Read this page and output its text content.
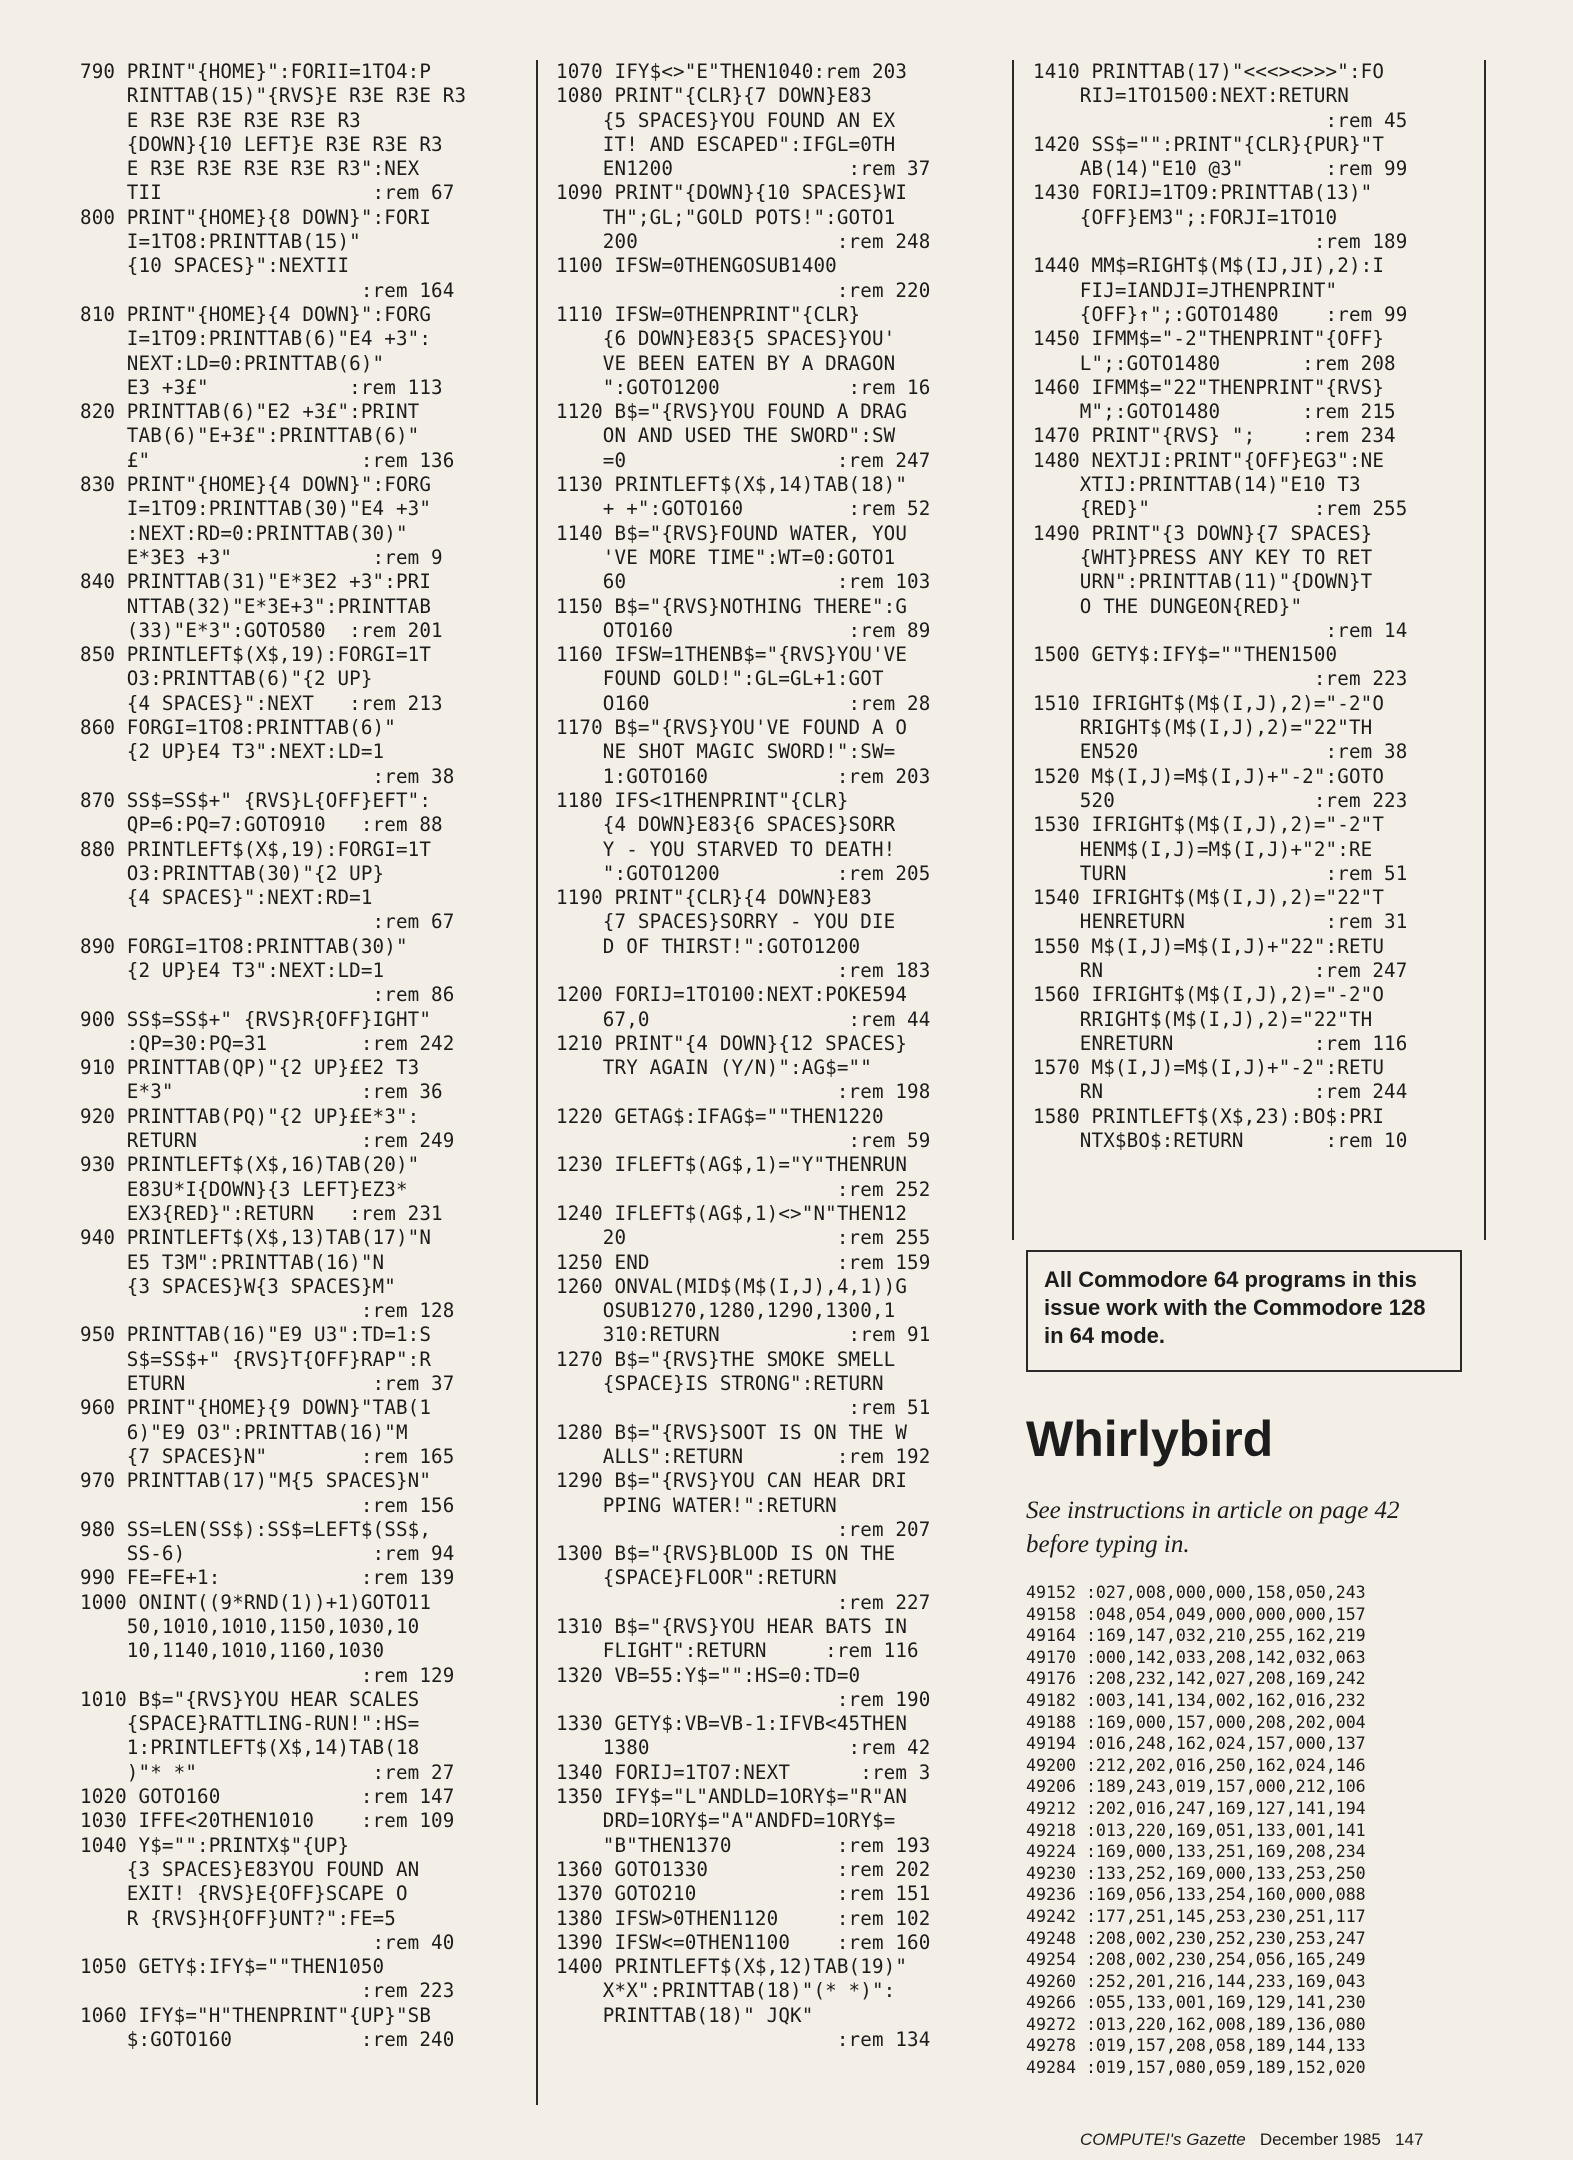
790 PRINT"{HOME}":FORII=1TO4:P
RINTTAB(15)"{RVS}E R3E R3E R3
E R3E R3E R3E R3E R3
{DOWN}{10 LEFT}E R3E R3E R3
E R3E R3E R3E R3E R3":NEX
TII                  :rem 67
800 PRINT"{HOME}{8 DOWN}":FORI
I=1TO8:PRINTTAB(15)"
{10 SPACES}":NEXTII
:rem 164
810 PRINT"{HOME}{4 DOWN}":FORG
I=1TO9:PRINTTAB(6)"E4 +3":
NEXT:LD=0:PRINTTAB(6)"
E3 +3£"            :rem 113
820 PRINTTAB(6)"E2 +3£":PRINT
TAB(6)"E+3£":PRINTTAB(6)"
£"                  :rem 136
830 PRINT"{HOME}{4 DOWN}":FORG
I=1TO9:PRINTTAB(30)"E4 +3"
:NEXT:RD=0:PRINTTAB(30)"
E*3E3 +3"            :rem 9
840 PRINTTAB(31)"E*3E2 +3":PRI
NTTAB(32)"E*3E+3":PRINTTAB
(33)"E*3":GOTO580  :rem 201
850 PRINTLEFT$(X$,19):FORGI=1T
O3:PRINTTAB(6)"{2 UP}
{4 SPACES}":NEXT   :rem 213
860 FORGI=1TO8:PRINTTAB(6)"
{2 UP}E4 T3":NEXT:LD=1
:rem 38
870 SS$=SS$+" {RVS}L{OFF}EFT":
QP=6:PQ=7:GOTO910   :rem 88
880 PRINTLEFT$(X$,19):FORGI=1T
O3:PRINTTAB(30)"{2 UP}
{4 SPACES}":NEXT:RD=1
:rem 67
890 FORGI=1TO8:PRINTTAB(30)"
{2 UP}E4 T3":NEXT:LD=1
:rem 86
900 SS$=SS$+" {RVS}R{OFF}IGHT"
:QP=30:PQ=31        :rem 242
910 PRINTTAB(QP)"{2 UP}£E2 T3
E*3"                :rem 36
920 PRINTTAB(PQ)"{2 UP}£E*3":
RETURN              :rem 249
930 PRINTLEFT$(X$,16)TAB(20)"
E83U*I{DOWN}{3 LEFT}EZ3*
EX3{RED}":RETURN   :rem 231
940 PRINTLEFT$(X$,13)TAB(17)"N
E5 T3M":PRINTTAB(16)"N
{3 SPACES}W{3 SPACES}M"
:rem 128
950 PRINTTAB(16)"E9 U3":TD=1:S
S$=SS$+" {RVS}T{OFF}RAP":R
ETURN                :rem 37
960 PRINT"{HOME}{9 DOWN}"TAB(1
6)"E9 O3":PRINTTAB(16)"M
{7 SPACES}N"        :rem 165
970 PRINTTAB(17)"M{5 SPACES}N"
:rem 156
980 SS=LEN(SS$):SS$=LEFT$(SS$,
SS-6)                :rem 94
990 FE=FE+1:            :rem 139
1000 ONINT((9*RND(1))+1)GOTO11
50,1010,1010,1150,1030,10
10,1140,1010,1160,1030
:rem 129
1010 B$="{RVS}YOU HEAR SCALES
{SPACE}RATTLING-RUN!":HS=
1:PRINTLEFT$(X$,14)TAB(18
)"* *"               :rem 27
1020 GOTO160            :rem 147
1030 IFFE<20THEN1010    :rem 109
1040 Y$="":PRINTX$"{UP}
{3 SPACES}E83YOU FOUND AN
EXIT! {RVS}E{OFF}SCAPE O
R {RVS}H{OFF}UNT?":FE=5
:rem 40
1050 GETY$:IFY$=""THEN1050
:rem 223
1060 IFY$="H"THENPRINT"{UP}"SB
$:GOTO160           :rem 240
1070 IFY$<>"E"THEN1040:rem 203
1080 PRINT"{CLR}{7 DOWN}E83
{5 SPACES}YOU FOUND AN EX
IT! AND ESCAPED":IFGL=0TH
EN1200               :rem 37
1090 PRINT"{DOWN}{10 SPACES}WI
TH";GL;"GOLD POTS!":GOTO1
200                 :rem 248
1100 IFSW=0THENGOSUB1400
:rem 220
1110 IFSW=0THENPRINT"{CLR}
{6 DOWN}E83{5 SPACES}YOU'
VE BEEN EATEN BY A DRAGON
":GOTO1200           :rem 16
1120 B$="{RVS}YOU FOUND A DRAG
ON AND USED THE SWORD":SW
=0                  :rem 247
1130 PRINTLEFT$(X$,14)TAB(18)"
+ +":GOTO160         :rem 52
1140 B$="{RVS}FOUND WATER, YOU
'VE MORE TIME":WT=0:GOTO1
60                  :rem 103
1150 B$="{RVS}NOTHING THERE":G
OTO160               :rem 89
1160 IFSW=1THENB$="{RVS}YOU'VE
FOUND GOLD!":GL=GL+1:GOT
O160                 :rem 28
1170 B$="{RVS}YOU'VE FOUND A O
NE SHOT MAGIC SWORD!":SW=
1:GOTO160           :rem 203
1180 IFS<1THENPRINT"{CLR}
{4 DOWN}E83{6 SPACES}SORR
Y - YOU STARVED TO DEATH!
":GOTO1200          :rem 205
1190 PRINT"{CLR}{4 DOWN}E83
{7 SPACES}SORRY - YOU DIE
D OF THIRST!":GOTO1200
:rem 183
1200 FORIJ=1TO100:NEXT:POKE594
67,0                 :rem 44
1210 PRINT"{4 DOWN}{12 SPACES}
TRY AGAIN (Y/N)":AG$=""
:rem 198
1220 GETAG$:IFAG$=""THEN1220
:rem 59
1230 IFLEFT$(AG$,1)="Y"THENRUN
:rem 252
1240 IFLEFT$(AG$,1)<>"N"THEN12
20                  :rem 255
1250 END                :rem 159
1260 ONVAL(MID$(M$(I,J),4,1))G
OSUB1270,1280,1290,1300,1
310:RETURN           :rem 91
1270 B$="{RVS}THE SMOKE SMELL
{SPACE}IS STRONG":RETURN
:rem 51
1280 B$="{RVS}SOOT IS ON THE W
ALLS":RETURN        :rem 192
1290 B$="{RVS}YOU CAN HEAR DRI
PPING WATER!":RETURN
:rem 207
1300 B$="{RVS}BLOOD IS ON THE
{SPACE}FLOOR":RETURN
:rem 227
1310 B$="{RVS}YOU HEAR BATS IN
FLIGHT":RETURN     :rem 116
1320 VB=55:Y$="":HS=0:TD=0
:rem 190
1330 GETY$:VB=VB-1:IFVB<45THEN
1380                 :rem 42
1340 FORIJ=1TO7:NEXT      :rem 3
1350 IFY$="L"ANDLD=1ORY$="R"AN
DRD=1ORY$="A"ANDFD=1ORY$=
"B"THEN1370         :rem 193
1360 GOTO1330           :rem 202
1370 GOTO210            :rem 151
1380 IFSW>0THEN1120     :rem 102
1390 IFSW<=0THEN1100    :rem 160
1400 PRINTLEFT$(X$,12)TAB(19)"
X*X":PRINTTAB(18)"(* *)":
PRINTTAB(18)" JQK"
:rem 134
1410 PRINTTAB(17)"<<<><>>>":FO
RIJ=1TO1500:NEXT:RETURN
:rem 45
1420 SS$="":PRINT"{CLR}{PUR}"T
AB(14)"E10 @3"       :rem 99
1430 FORIJ=1TO9:PRINTTAB(13)"
{OFF}EM3";:FORJI=1TO10
:rem 189
1440 MM$=RIGHT$(M$(IJ,JI),2):I
FIJ=IANDJI=JTHENPRINT"
{OFF}↑";:GOTO1480    :rem 99
1450 IFMM$="-2"THENPRINT"{OFF}
L";:GOTO1480       :rem 208
1460 IFMM$="22"THENPRINT"{RVS}
M";:GOTO1480       :rem 215
1470 PRINT"{RVS} ";    :rem 234
1480 NEXTJI:PRINT"{OFF}EG3":NE
XTIJ:PRINTTAB(14)"E10 T3
{RED}"              :rem 255
1490 PRINT"{3 DOWN}{7 SPACES}
{WHT}PRESS ANY KEY TO RET
URN":PRINTTAB(11)"{DOWN}T
O THE DUNGEON{RED}"
:rem 14
1500 GETY$:IFY$=""THEN1500
:rem 223
1510 IFRIGHT$(M$(I,J),2)="-2"O
RRIGHT$(M$(I,J),2)="22"TH
EN520                :rem 38
1520 M$(I,J)=M$(I,J)+"-2":GOTO
520                 :rem 223
1530 IFRIGHT$(M$(I,J),2)="-2"T
HENM$(I,J)=M$(I,J)+"2":RE
TURN                 :rem 51
1540 IFRIGHT$(M$(I,J),2)="22"T
HENRETURN            :rem 31
1550 M$(I,J)=M$(I,J)+"22":RETU
RN                  :rem 247
1560 IFRIGHT$(M$(I,J),2)="-2"O
RRIGHT$(M$(I,J),2)="22"TH
ENRETURN            :rem 116
1570 M$(I,J)=M$(I,J)+"-2":RETU
RN                  :rem 244
1580 PRINTLEFT$(X$,23):BO$:PRI
NTX$BO$:RETURN       :rem 10
All Commodore 64 programs in this issue work with the Commodore 128 in 64 mode.
Whirlybird
See instructions in article on page 42 before typing in.
49152 :027,008,000,000,158,050,243
49158 :048,054,049,000,000,000,157
49164 :169,147,032,210,255,162,219
49170 :000,142,033,208,142,032,063
49176 :208,232,142,027,208,169,242
49182 :003,141,134,002,162,016,232
49188 :169,000,157,000,208,202,004
49194 :016,248,162,024,157,000,137
49200 :212,202,016,250,162,024,146
49206 :189,243,019,157,000,212,106
49212 :202,016,247,169,127,141,194
49218 :013,220,169,051,133,001,141
49224 :169,000,133,251,169,208,234
49230 :133,252,169,000,133,253,250
49236 :169,056,133,254,160,000,088
49242 :177,251,145,253,230,251,117
49248 :208,002,230,252,230,253,247
49254 :208,002,230,254,056,165,249
49260 :252,201,216,144,233,169,043
49266 :055,133,001,169,129,141,230
49272 :013,220,162,008,189,136,080
49278 :019,157,208,058,189,144,133
49284 :019,157,080,059,189,152,020
COMPUTE!'s Gazette December 1985 147
